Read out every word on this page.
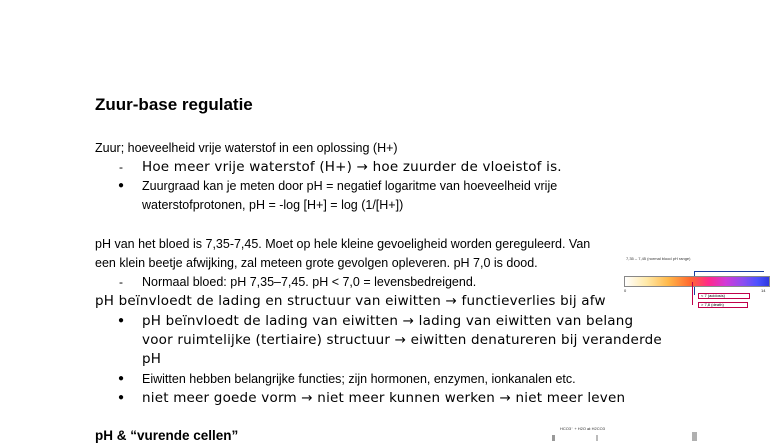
Zuur-base regulatie
Zuur; hoeveelheid vrije waterstof in een oplossing (H+)
- Hoe meer vrije waterstof (H+) → hoe zuurder de vloeistof is.
● Zuurgraad kan je meten door pH = negatief logaritme van hoeveelheid vrije
waterstofprotonen, pH = -log [H+] = log (1/[H+])
pH van het bloed is 7,35-7,45. Moet op hele kleine gevoeligheid worden gereguleerd. Van
een klein beetje afwijking, zal meteen grote gevolgen opleveren. pH 7,0 is dood.
- Normaal bloed: pH 7,35–7,45. pH < 7,0 = levensbedreigend.
pH beïnvloedt de lading en structuur van eiwitten → functieverlies bij afw
● pH beïnvloedt de lading van eiwitten → lading van eiwitten van belang
voor ruimtelijke (tertiaire) structuur → eiwitten denatureren bij veranderde
pH
● Eiwitten hebben belangrijke functies; zijn hormonen, enzymen, ionkanalen etc.
● niet meer goede vorm → niet meer kunnen werken → niet meer leven
pH & “vurende cellen”
7,35 – 7,45 (normal blood pH range)
0	14
< 7 (acidosis)
> 7,8 (death)
HCO3⁻ + H2O ⇌ H2CO3
